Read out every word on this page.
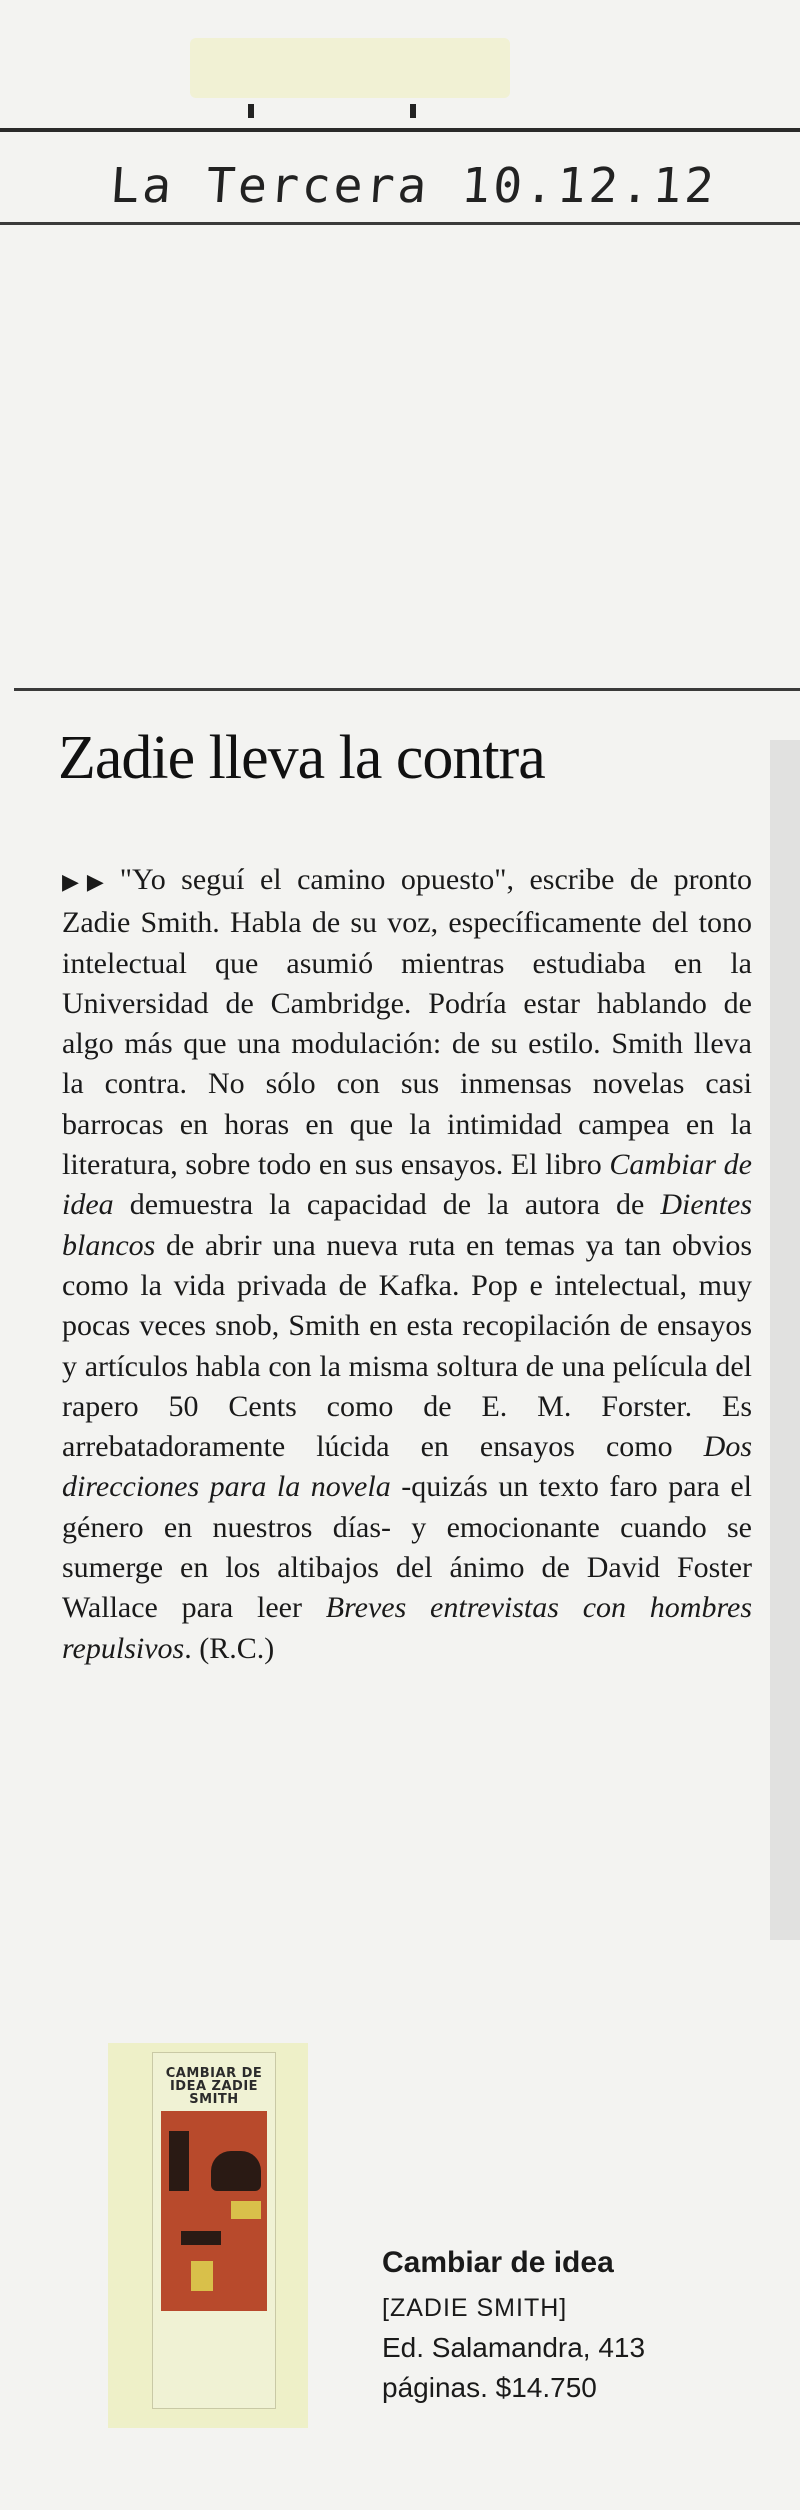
La Tercera 10.12.12
Zadie lleva la contra
▶▶ "Yo seguí el camino opuesto", escribe de pronto Zadie Smith. Habla de su voz, específicamente del tono intelectual que asumió mientras estudiaba en la Universidad de Cambridge. Podría estar hablando de algo más que una modulación: de su estilo. Smith lleva la contra. No sólo con sus inmensas novelas casi barrocas en horas en que la intimidad campea en la literatura, sobre todo en sus ensayos. El libro Cambiar de idea demuestra la capacidad de la autora de Dientes blancos de abrir una nueva ruta en temas ya tan obvios como la vida privada de Kafka. Pop e intelectual, muy pocas veces snob, Smith en esta recopilación de ensayos y artículos habla con la misma soltura de una película del rapero 50 Cents como de E. M. Forster. Es arrebatadoramente lúcida en ensayos como Dos direcciones para la novela -quizás un texto faro para el género en nuestros días- y emocionante cuando se sumerge en los altibajos del ánimo de David Foster Wallace para leer Breves entrevistas con hombres repulsivos. (R.C.)
CAMBIAR DE IDEA ZADIE SMITH

Cambiar de idea
[ZADIE SMITH]
Ed. Salamandra, 413
páginas. $14.750
